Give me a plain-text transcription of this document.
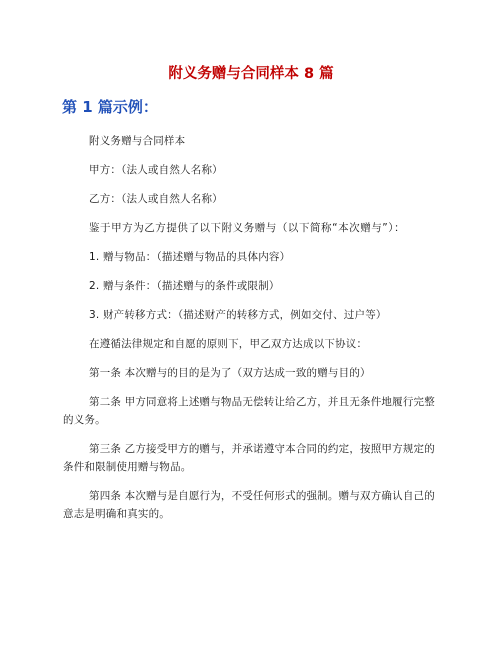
附义务赠与合同样本 8 篇
第 1 篇示例：

附义务赠与合同样本

甲方：（法人或自然人名称）

乙方：（法人或自然人名称）

鉴于甲方为乙方提供了以下附义务赠与（以下简称“本次赠与”）：

1. 赠与物品：（描述赠与物品的具体内容）

2. 赠与条件：（描述赠与的条件或限制）

3. 财产转移方式：（描述财产的转移方式，例如交付、过户等）

在遵循法律规定和自愿的原则下，甲乙双方达成以下协议：

第一条 本次赠与的目的是为了（双方达成一致的赠与目的）

第二条 甲方同意将上述赠与物品无偿转让给乙方，并且无条件地履行完整的义务。

第三条 乙方接受甲方的赠与，并承诺遵守本合同的约定，按照甲方规定的条件和限制使用赠与物品。

第四条 本次赠与是自愿行为，不受任何形式的强制。赠与双方确认自己的意志是明确和真实的。
